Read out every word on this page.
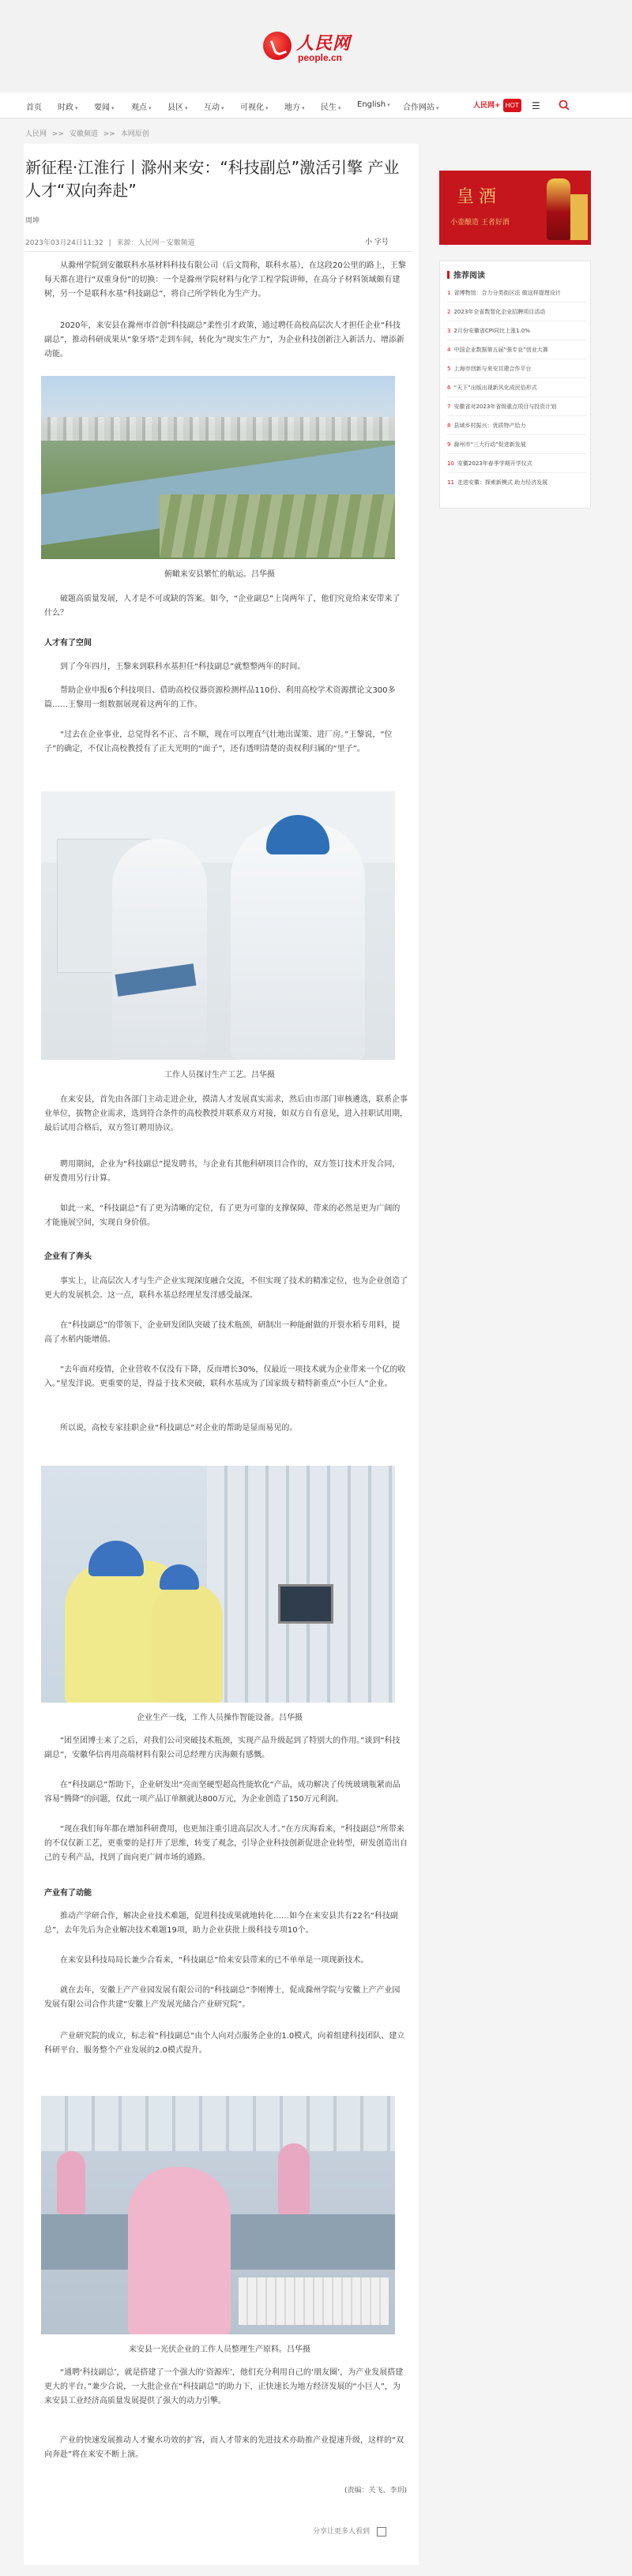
人民网
people.cn
首页 时政 ▾ 要闻 ▾ 观点 ▾ 县区 ▾ 互动 ▾ 可视化 ▾ 地方 ▾ 民生 ▾ English ▾ 合作网站 ▾	人民网+ HOT	☰
人民网 >> 安徽频道 >> 本网原创
新征程·江淮行丨滁州来安：“科技副总”激活引擎 产业人才“双向奔赴”
周坤
2023年03月24日11:32 | 来源：人民网－安徽频道	小 字号

从滁州学院到安徽联科水基材料科技有限公司（后文简称，联科水基），在这段20公里的路上，王黎每天都在进行“双重身份”的切换：一个是滁州学院材料与化学工程学院讲师，在高分子材料领域颇有建树，另一个是联科水基“科技副总”，将自己所学转化为生产力。

2020年，来安县在滁州市首创“科技副总”柔性引才政策，通过聘任高校高层次人才担任企业“科技副总”，推动科研成果从“象牙塔”走到车间，转化为“现实生产力”，为企业科技创新注入新活力、增添新动能。

俯瞰来安县繁忙的航运。吕华摄

破题高质量发展，人才是不可或缺的答案。如今，“企业副总”上岗两年了，他们究竟给来安带来了什么？

人才有了空间

到了今年四月，王黎来到联科水基担任“科技副总”就整整两年的时间。

帮助企业申报6个科技项目、借助高校仪器资源检测样品110份、利用高校学术资源撰论文300多篇……王黎用一组数据展现着这两年的工作。

“过去在企业事业，总觉得名不正、言不顺，现在可以理直气壮地出谋策、进厂房。”王黎说，“位子”的确定，不仅让高校教授有了正大光明的“面子”，还有透明清楚的责权利归属的“里子”。

工作人员探讨生产工艺。吕华摄

在来安县，首先由各部门主动走进企业，摸清人才发展真实需求，然后由市部门审核遴选，联系企事业单位，拔物企业需求，选到符合条件的高校教授并联系双方对接，如双方自有意见，进入挂职试用期，最后试用合格后，双方签订聘用协议。

聘用期间，企业为“科技副总”提发聘书，与企业有其他科研项目合作的，双方签订技术开发合同，研发费用另行计算。

如此一来，“科技副总”有了更为清晰的定位，有了更为可靠的支撑保障，带来的必然是更为广阔的才能施展空间，实现自身价值。

企业有了奔头

事实上，让高层次人才与生产企业实现深度融合交流，不但实现了技术的精准定位，也为企业创造了更大的发展机会。这一点，联科水基总经理星发洋感受最深。

在“科技副总”的带领下，企业研发团队突破了技术瓶颈，研制出一种能耐做的开裂水稻专用料，提高了水稻内能增值。

“去年面对疫情，企业营收不仅没有下降，反而增长30%，仅最近一项技术就为企业带来一个亿的收入。”星发洋说。更重要的是，得益于技术突破，联科水基成为了国家级专精特新重点“小巨人”企业。

所以说，高校专家挂职企业“科技副总”对企业的帮助是显而易见的。

企业生产一线，工作人员操作智能设备。吕华摄

“团至团博士来了之后，对我们公司突破技术瓶颈，实现产品升级起到了特别大的作用。”谈到“科技副总”，安徽华信再用高端材料有限公司总经理方庆海颇有感慨。

在“科技副总”帮助下，企业研发出“亮而坚硬型超高性能软化”产品，成功解决了传统玻璃瓶紧而品容易“腾降”的问题，仅此一项产品订单额就达800万元，为企业创造了150万元利润。

“现在我们每年都在增加科研费用，也更加注重引进高层次人才。”在方庆海看来，“科技副总”所带来的不仅仅新工艺，更重要的是打开了思维，转变了观念，引导企业科技创新促进企业转型，研发创造出自己的专利产品，找到了面向更广阔市场的通路。

产业有了动能

推动产学研合作，解决企业技术难题，促进科技成果就地转化……如今在来安县共有22名“科技副总”，去年先后为企业解决技术难题19项，助力企业获批上级科技专项10个。

在来安县科技局局长兼少合看来，“科技副总”给来安县带来的已不单单是一项现新技术。

就在去年，安徽上产产业园发展有限公司的“科技副总”李刚博士，促成滁州学院与安徽上产产业园发展有限公司合作共建“安徽上产发展光储合产业研究院”。

产业研究院的成立，标志着“科技副总”由个人向对点服务企业的1.0模式，向着组建科技团队、建立科研平台、服务整个产业发展的2.0模式提升。

来安县一光伏企业的工作人员整理生产原料。吕华摄

“通聘‘科技副总’，就是搭建了一个强大的‘资源库’，他们充分利用自己的‘朋友圈’，为产业发展搭建更大的平台。”兼少合说，一大批企业在“科技副总”的助力下，正快速长为地方经济发展的“小巨人”，为来安县工业经济高质量发展提供了强大的动力引擎。

产业的快速发展推动人才聚水功效的扩容，而人才带来的先进技术亦助推产业提速升级，这样的“双向奔赴”将在来安不断上演。

(责编：关飞、李玥)
分享让更多人看到
皇酒
小壶酿造 王者好酒
推荐阅读
1 省博物馆：合力分类街区法 做这样提理设计
2 2023年全省数智化企业招聘项目活动
3 2月份安徽省CPI同比上涨1.0%
4 中国企业数据第五届“强专业”创业大赛
5 上海市创新与来安共建合作平台
6 “天下”出版出现新风化成民俗形式
7 安徽省对2023年省级重点项目与投资计划
8 县域乡村振兴：优质特产给力
9 滁州市“三大行动”促进新发展
10 安徽2023年春季学期开学仪式
11 走进安徽：探索新模式 助力经济发展
